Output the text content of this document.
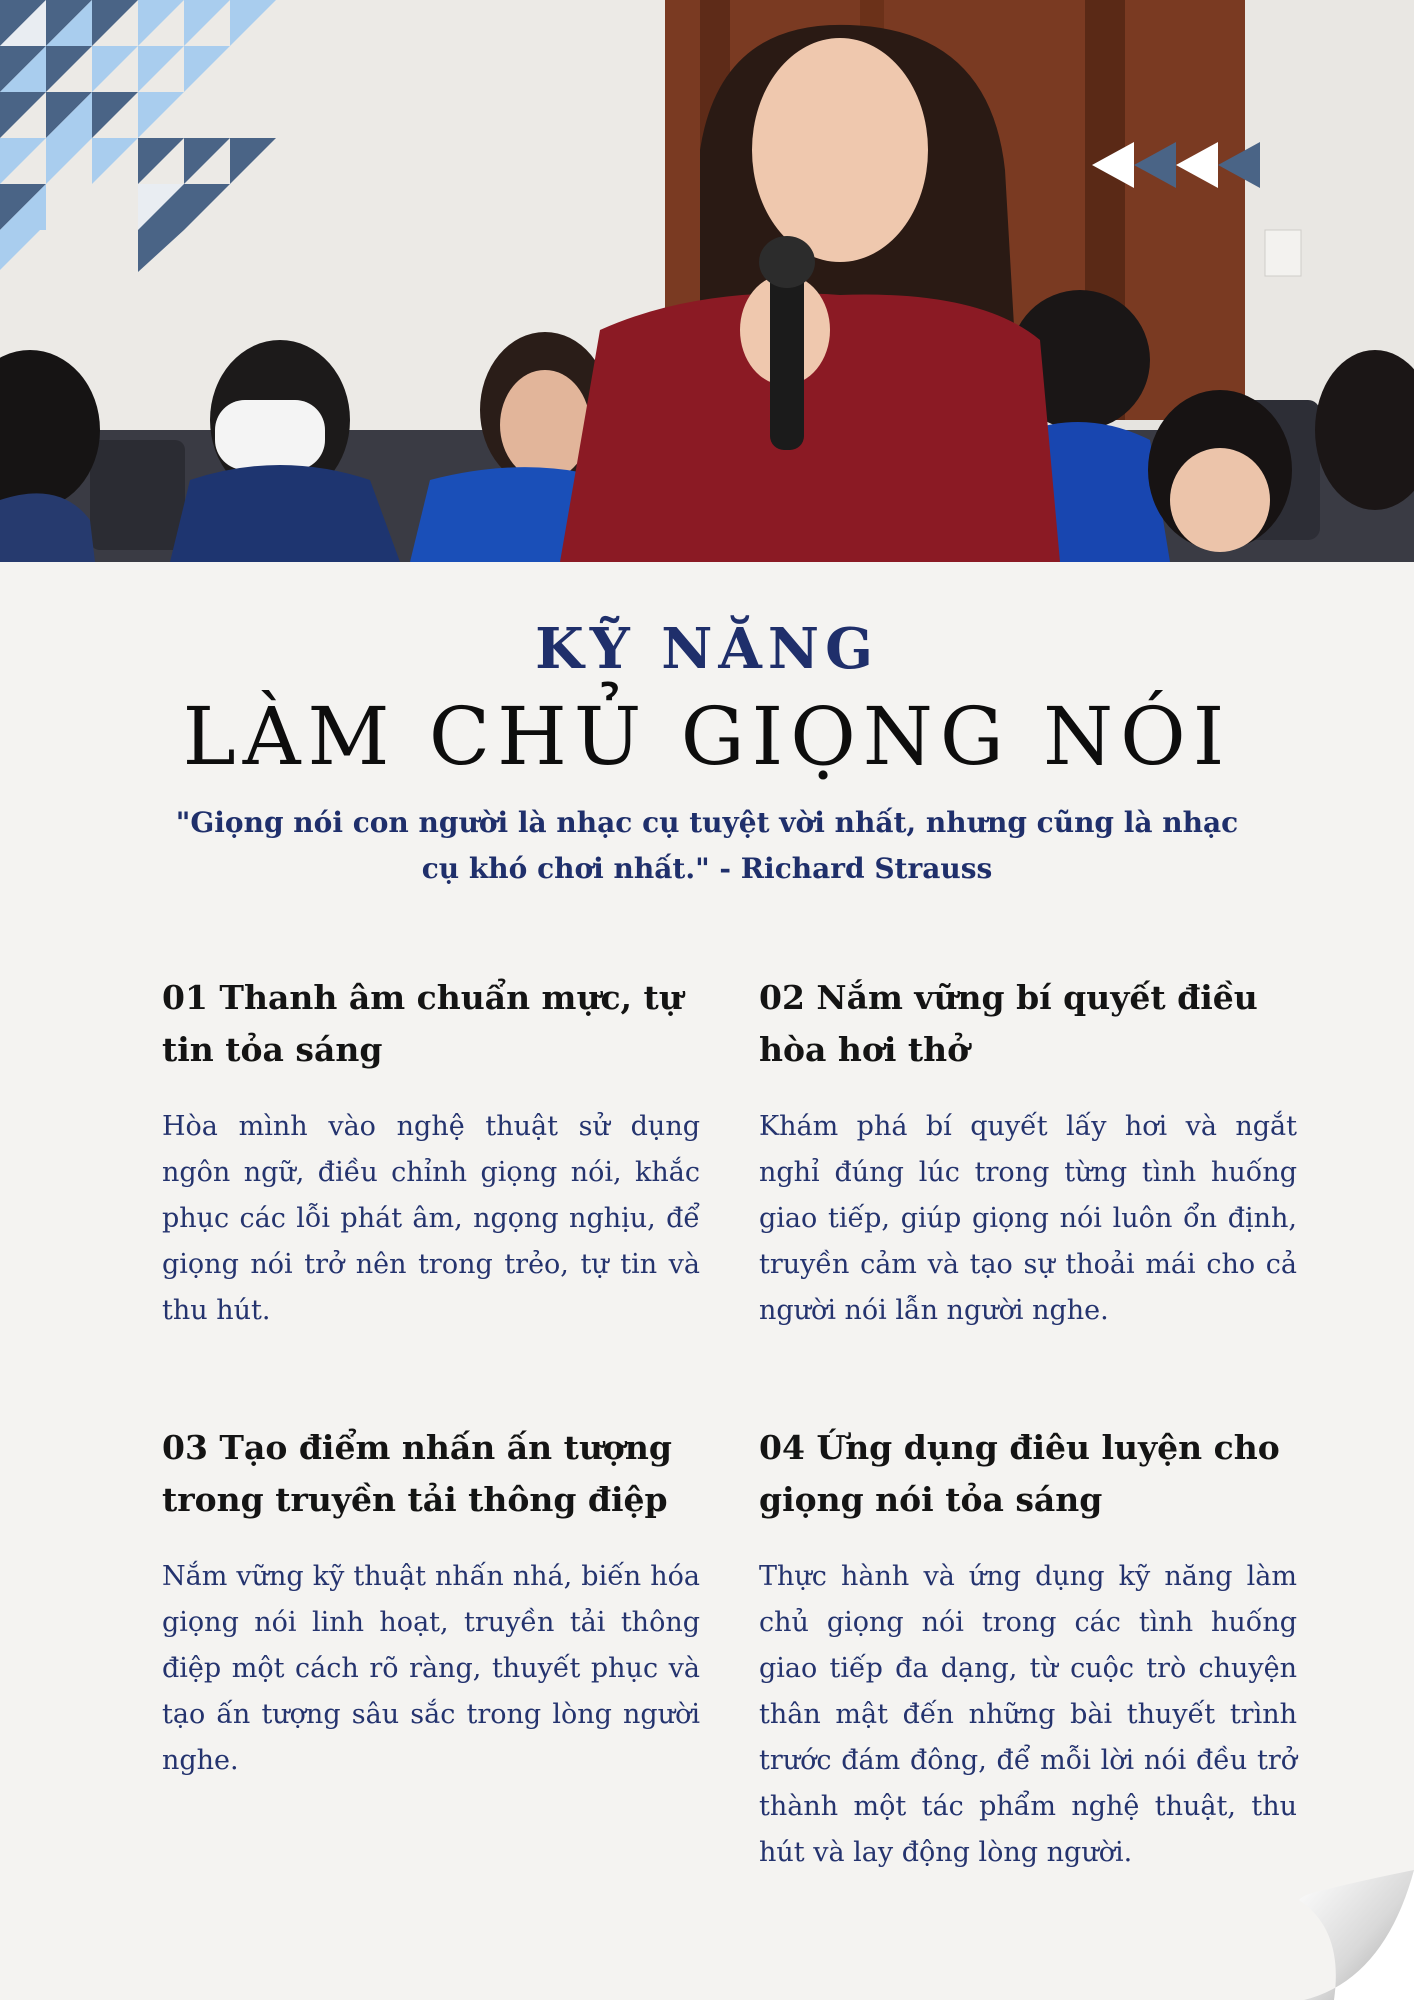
KỸ NĂNG
LÀM CHỦ GIỌNG NÓI
"Giọng nói con người là nhạc cụ tuyệt vời nhất, nhưng cũng là nhạc cụ khó chơi nhất." - Richard Strauss
01 Thanh âm chuẩn mực, tự tin tỏa sáng

Hòa mình vào nghệ thuật sử dụng ngôn ngữ, điều chỉnh giọng nói, khắc phục các lỗi phát âm, ngọng nghịu, để giọng nói trở nên trong trẻo, tự tin và thu hút.

02 Nắm vững bí quyết điều hòa hơi thở

Khám phá bí quyết lấy hơi và ngắt nghỉ đúng lúc trong từng tình huống giao tiếp, giúp giọng nói luôn ổn định, truyền cảm và tạo sự thoải mái cho cả người nói lẫn người nghe.

03 Tạo điểm nhấn ấn tượng trong truyền tải thông điệp

Nắm vững kỹ thuật nhấn nhá, biến hóa giọng nói linh hoạt, truyền tải thông điệp một cách rõ ràng, thuyết phục và tạo ấn tượng sâu sắc trong lòng người nghe.

04 Ứng dụng điêu luyện cho giọng nói tỏa sáng

Thực hành và ứng dụng kỹ năng làm chủ giọng nói trong các tình huống giao tiếp đa dạng, từ cuộc trò chuyện thân mật đến những bài thuyết trình trước đám đông, để mỗi lời nói đều trở thành một tác phẩm nghệ thuật, thu hút và lay động lòng người.
